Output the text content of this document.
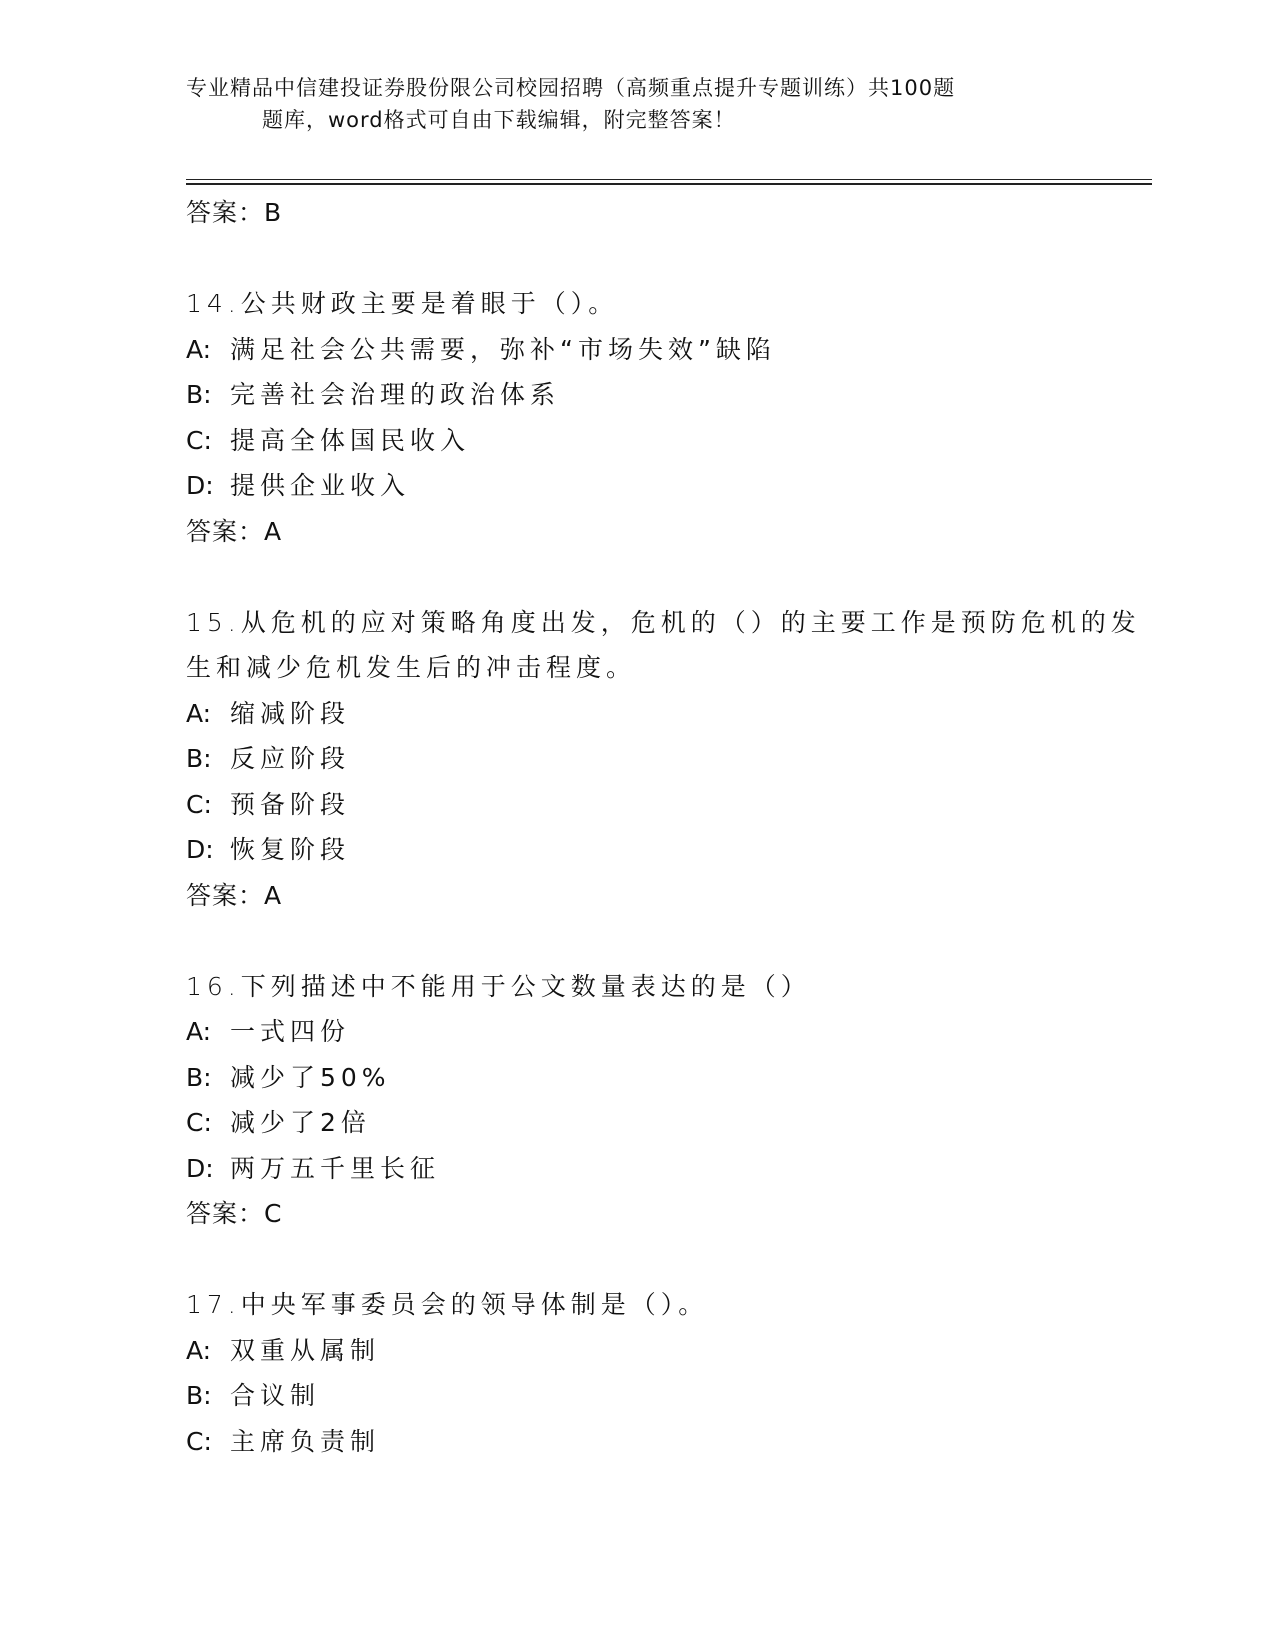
专业精品中信建投证券股份限公司校园招聘（高频重点提升专题训练）共100题
题库，word格式可自由下载编辑，附完整答案！
答案：B
14.公共财政主要是着眼于（）。
A: 满足社会公共需要，弥补“市场失效”缺陷
B: 完善社会治理的政治体系
C: 提高全体国民收入
D: 提供企业收入
答案：A
15.从危机的应对策略角度出发，危机的（）的主要工作是预防危机的发生和减少危机发生后的冲击程度。
A: 缩减阶段
B: 反应阶段
C: 预备阶段
D: 恢复阶段
答案：A
16.下列描述中不能用于公文数量表达的是（）
A: 一式四份
B: 减少了50%
C: 减少了2倍
D: 两万五千里长征
答案：C
17.中央军事委员会的领导体制是（）。
A: 双重从属制
B: 合议制
C: 主席负责制
